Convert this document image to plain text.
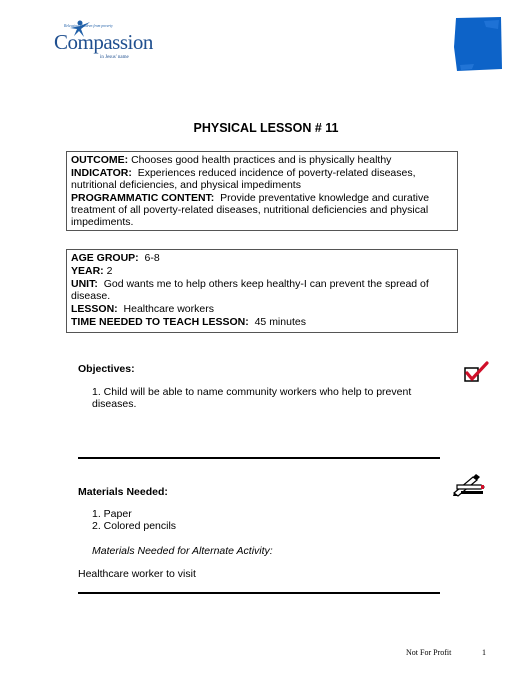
Releasing children from poverty
Compassion
in Jesus' name
PHYSICAL LESSON # 11

OUTCOME: Chooses good health practices and is physically healthy

INDICATOR: Experiences reduced incidence of poverty-related diseases, nutritional deficiencies, and physical impediments

PROGRAMMATIC CONTENT: Provide preventative knowledge and curative treatment of all poverty-related diseases, nutritional deficiencies and physical impediments.

AGE GROUP: 6-8

YEAR: 2

UNIT: God wants me to help others keep healthy-I can prevent the spread of disease.

LESSON: Healthcare workers

TIME NEEDED TO TEACH LESSON: 45 minutes

Objectives:
1. Child will be able to name community workers who help to prevent diseases.
Materials Needed:
1. Paper
2. Colored pencils
Materials Needed for Alternate Activity:
Healthcare worker to visit
Not For Profit	1
